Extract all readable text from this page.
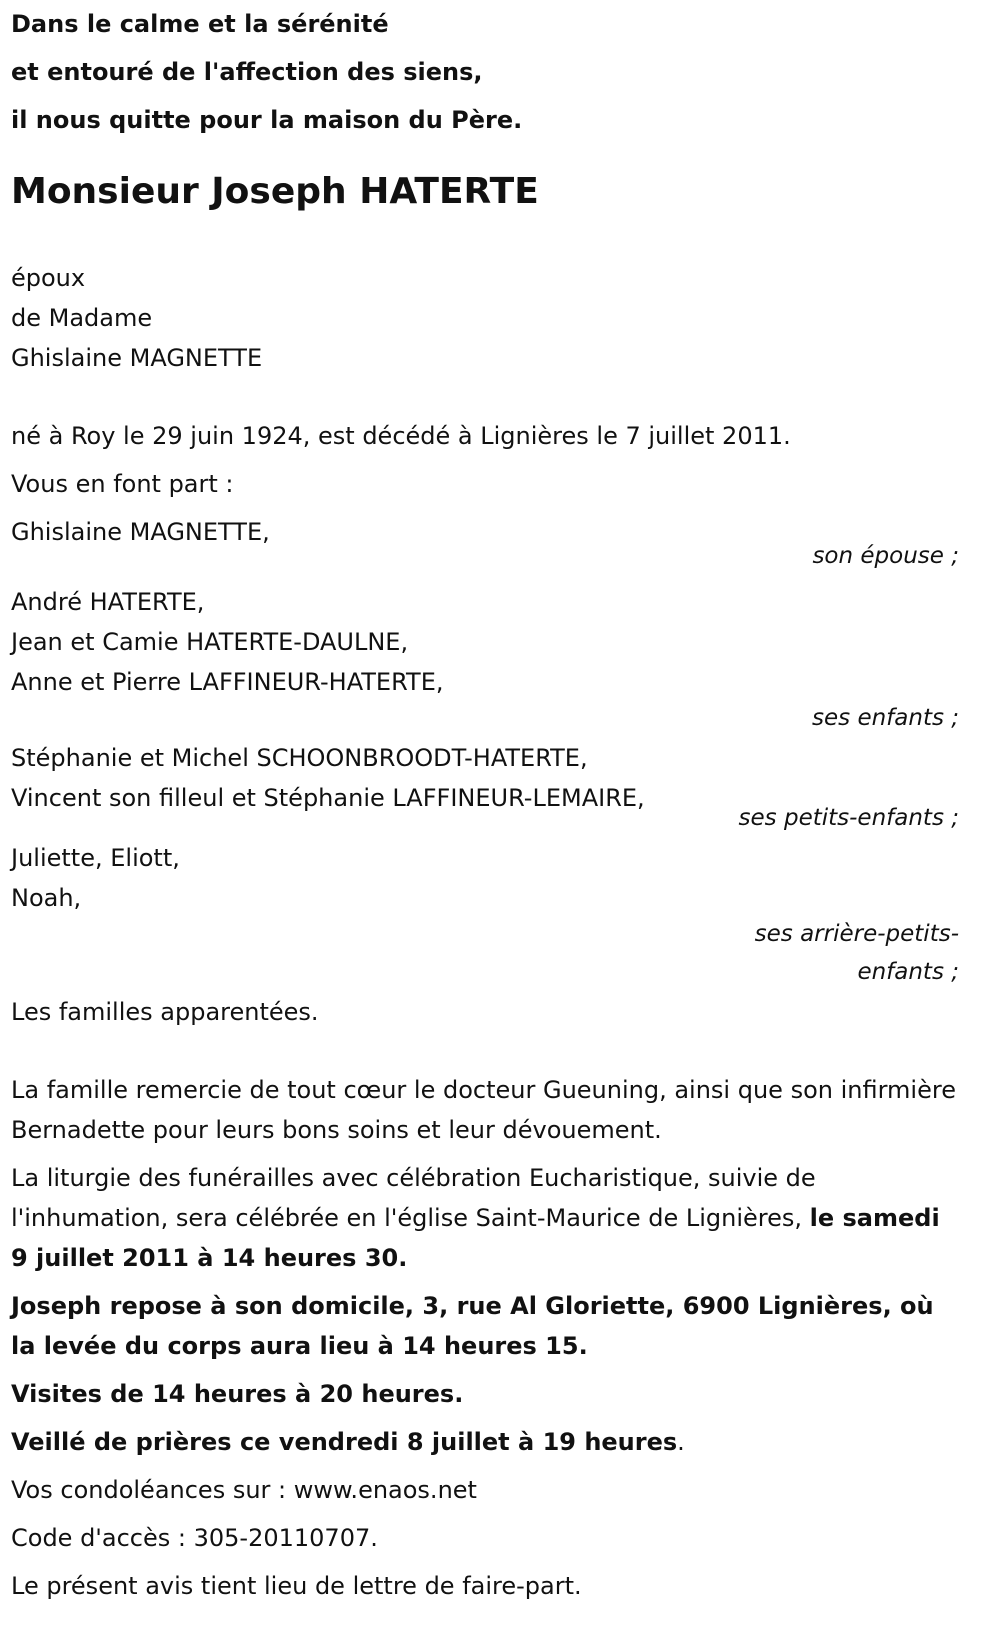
Dans le calme et la sérénité
et entouré de l'affection des siens,
il nous quitte pour la maison du Père.
Monsieur Joseph HATERTE
époux
de Madame
Ghislaine MAGNETTE
né à Roy le 29 juin 1924, est décédé à Lignières le 7 juillet 2011.
Vous en font part :
Ghislaine MAGNETTE,
son épouse ;
André HATERTE,
Jean et Camie HATERTE-DAULNE,
Anne et Pierre LAFFINEUR-HATERTE,
ses enfants ;
Stéphanie et Michel SCHOONBROODT-HATERTE,
Vincent son filleul et Stéphanie LAFFINEUR-LEMAIRE,
ses petits-enfants ;
Juliette, Eliott,
Noah,
ses arrière-petits-
enfants ;
Les familles apparentées.
La famille remercie de tout cœur le docteur Gueuning, ainsi que son infirmière Bernadette pour leurs bons soins et leur dévouement.
La liturgie des funérailles avec célébration Eucharistique, suivie de l'inhumation, sera célébrée en l'église Saint-Maurice de Lignières, le samedi 9 juillet 2011 à 14 heures 30.
Joseph repose à son domicile, 3, rue Al Gloriette, 6900 Lignières, où la levée du corps aura lieu à 14 heures 15.
Visites de 14 heures à 20 heures.
Veillé de prières ce vendredi 8 juillet à 19 heures.
Vos condoléances sur : www.enaos.net
Code d'accès : 305-20110707.
Le présent avis tient lieu de lettre de faire-part.
